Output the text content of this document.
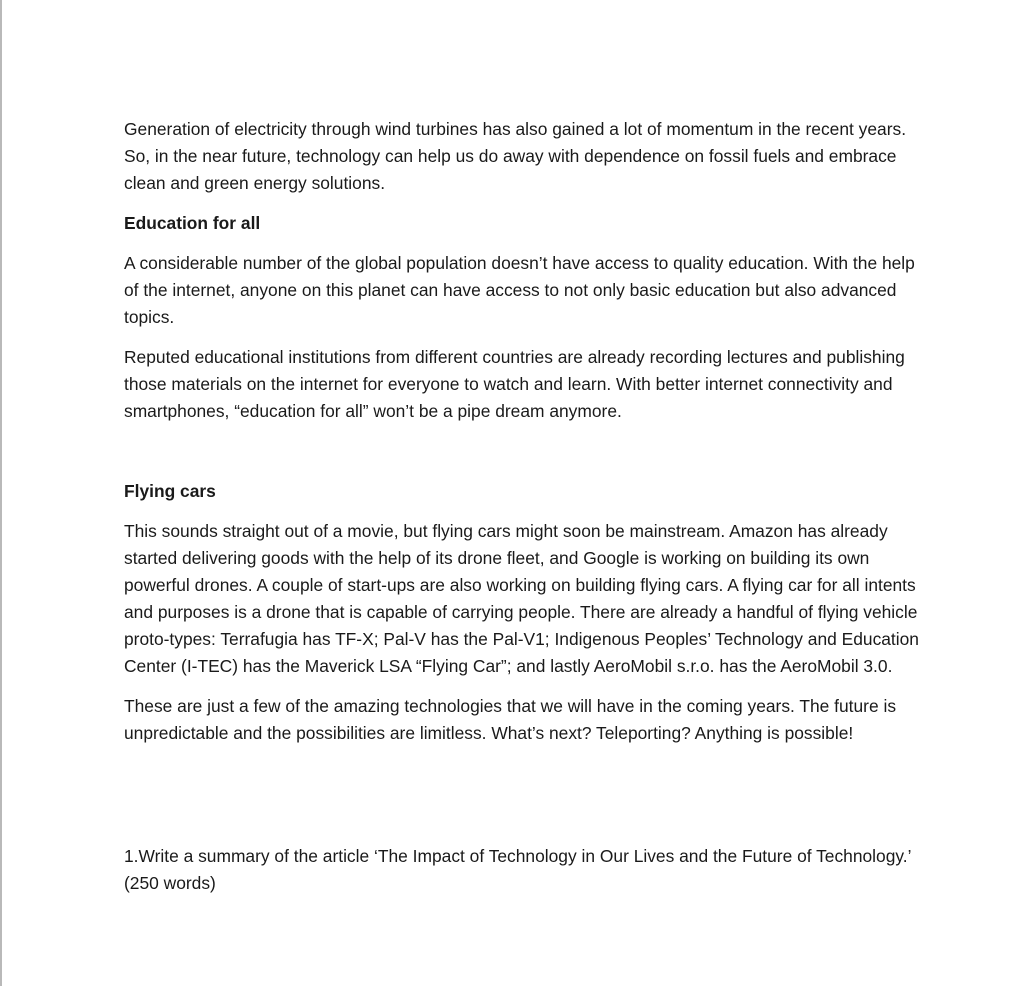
Generation of electricity through wind turbines has also gained a lot of momentum in the recent years. So, in the near future, technology can help us do away with dependence on fossil fuels and embrace clean and green energy solutions.

Education for all

A considerable number of the global population doesn’t have access to quality education. With the help of the internet, anyone on this planet can have access to not only basic education but also advanced topics.

Reputed educational institutions from different countries are already recording lectures and publishing those materials on the internet for everyone to watch and learn. With better internet connectivity and smartphones, “education for all” won’t be a pipe dream anymore.

Flying cars

This sounds straight out of a movie, but flying cars might soon be mainstream. Amazon has already started delivering goods with the help of its drone fleet, and Google is working on building its own powerful drones. A couple of start-ups are also working on building flying cars. A flying car for all intents and purposes is a drone that is capable of carrying people. There are already a handful of flying vehicle proto-types: Terrafugia has TF-X; Pal-V has the Pal-V1; Indigenous Peoples’ Technology and Education Center (I-TEC) has the Maverick LSA “Flying Car”; and lastly AeroMobil s.r.o. has the AeroMobil 3.0.

These are just a few of the amazing technologies that we will have in the coming years. The future is unpredictable and the possibilities are limitless. What’s next? Teleporting? Anything is possible!

1.Write a summary of the article ‘The Impact of Technology in Our Lives and the Future of Technology.’

(250 words)
